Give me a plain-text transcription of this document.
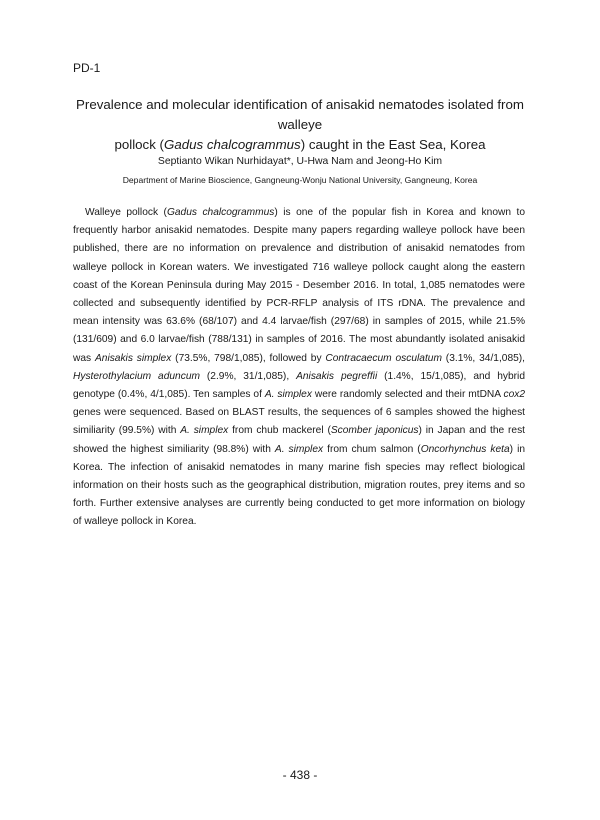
PD-1
Prevalence and molecular identification of anisakid nematodes isolated from walleye
pollock (Gadus chalcogrammus) caught in the East Sea, Korea
Septianto Wikan Nurhidayat*, U-Hwa Nam and Jeong-Ho Kim
Department of Marine Bioscience, Gangneung-Wonju National University, Gangneung, Korea

Walleye pollock (Gadus chalcogrammus) is one of the popular fish in Korea and known to frequently harbor anisakid nematodes. Despite many papers regarding walleye pollock have been published, there are no information on prevalence and distribution of anisakid nematodes from walleye pollock in Korean waters. We investigated 716 walleye pollock caught along the eastern coast of the Korean Peninsula during May 2015 - Desember 2016. In total, 1,085 nematodes were collected and subsequently identified by PCR-RFLP analysis of ITS rDNA. The prevalence and mean intensity was 63.6% (68/107) and 4.4 larvae/fish (297/68) in samples of 2015, while 21.5% (131/609) and 6.0 larvae/fish (788/131) in samples of 2016. The most abundantly isolated anisakid was Anisakis simplex (73.5%, 798/1,085), followed by Contracaecum osculatum (3.1%, 34/1,085), Hysterothylacium aduncum (2.9%, 31/1,085), Anisakis pegreffii (1.4%, 15/1,085), and hybrid genotype (0.4%, 4/1,085). Ten samples of A. simplex were randomly selected and their mtDNA cox2 genes were sequenced. Based on BLAST results, the sequences of 6 samples showed the highest similiarity (99.5%) with A. simplex from chub mackerel (Scomber japonicus) in Japan and the rest showed the highest similiarity (98.8%) with A. simplex from chum salmon (Oncorhynchus keta) in Korea. The infection of anisakid nematodes in many marine fish species may reflect biological information on their hosts such as the geographical distribution, migration routes, prey items and so forth. Further extensive analyses are currently being conducted to get more information on biology of walleye pollock in Korea.

- 438 -
